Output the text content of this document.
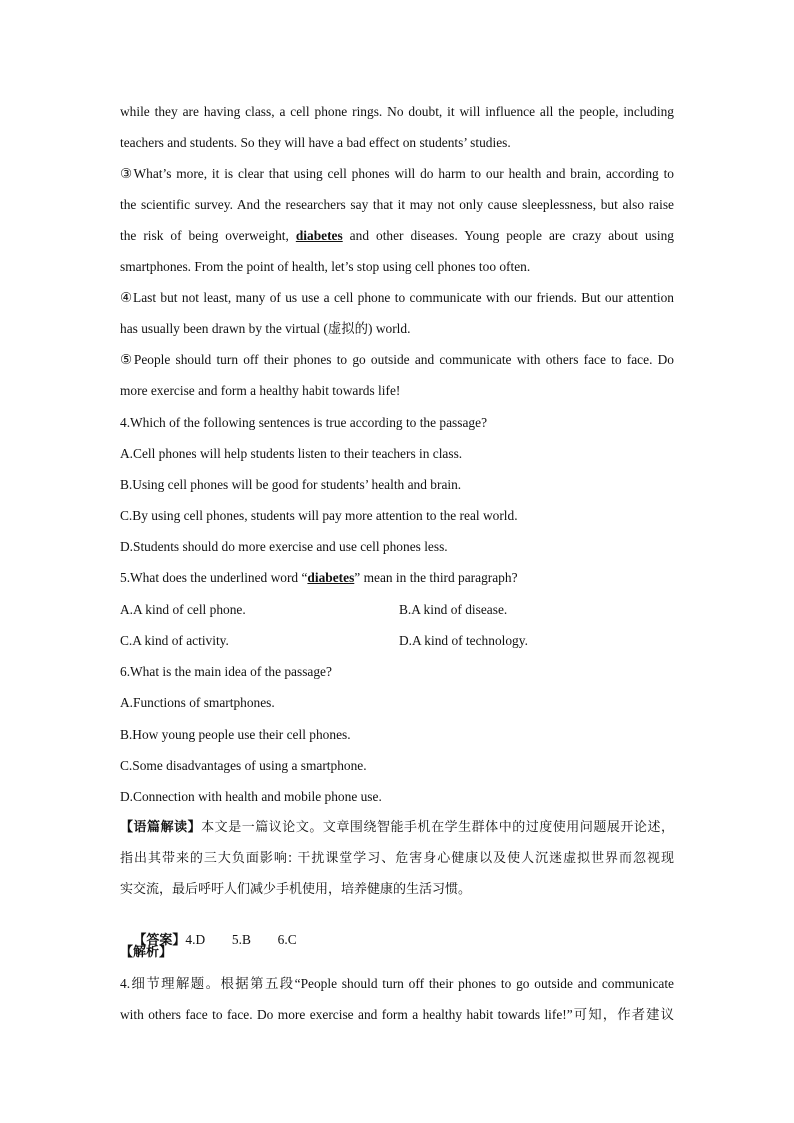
while they are having class, a cell phone rings. No doubt, it will influence all the people, including
teachers and students. So they will have a bad effect on students’ studies.
③What’s more, it is clear that using cell phones will do harm to our health and brain, according to
the scientific survey. And the researchers say that it may not only cause sleeplessness, but also raise
the risk of being overweight, diabetes and other diseases. Young people are crazy about using
smartphones. From the point of health, let’s stop using cell phones too often.
④Last but not least, many of us use a cell phone to communicate with our friends. But our attention
has usually been drawn by the virtual (虚拟的) world.
⑤People should turn off their phones to go outside and communicate with others face to face. Do
more exercise and form a healthy habit towards life!
4.Which of the following sentences is true according to the passage?
A.Cell phones will help students listen to their teachers in class.
B.Using cell phones will be good for students’ health and brain.
C.By using cell phones, students will pay more attention to the real world.
D.Students should do more exercise and use cell phones less.
5.What does the underlined word “diabetes” mean in the third paragraph?
A.A kind of cell phone.	B.A kind of disease.
C.A kind of activity.	D.A kind of technology.
6.What is the main idea of the passage?
A.Functions of smartphones.
B.How young people use their cell phones.
C.Some disadvantages of using a smartphone.
D.Connection with health and mobile phone use.
【语篇解读】本文是一篇议论文。文章围绕智能手机在学生群体中的过度使用问题展开论述，
指出其带来的三大负面影响: 干扰课堂学习、危害身心健康以及使人沉迷虚拟世界而忽视现
实交流，最后呼吁人们减少手机使用，培养健康的生活习惯。

【答案】4.D        5.B        6.C

【解析】
4.细节理解题。根据第五段“People should turn off their phones to go outside and communicate
with others face to face. Do more exercise and form a healthy habit towards life!”可知，作者建议
